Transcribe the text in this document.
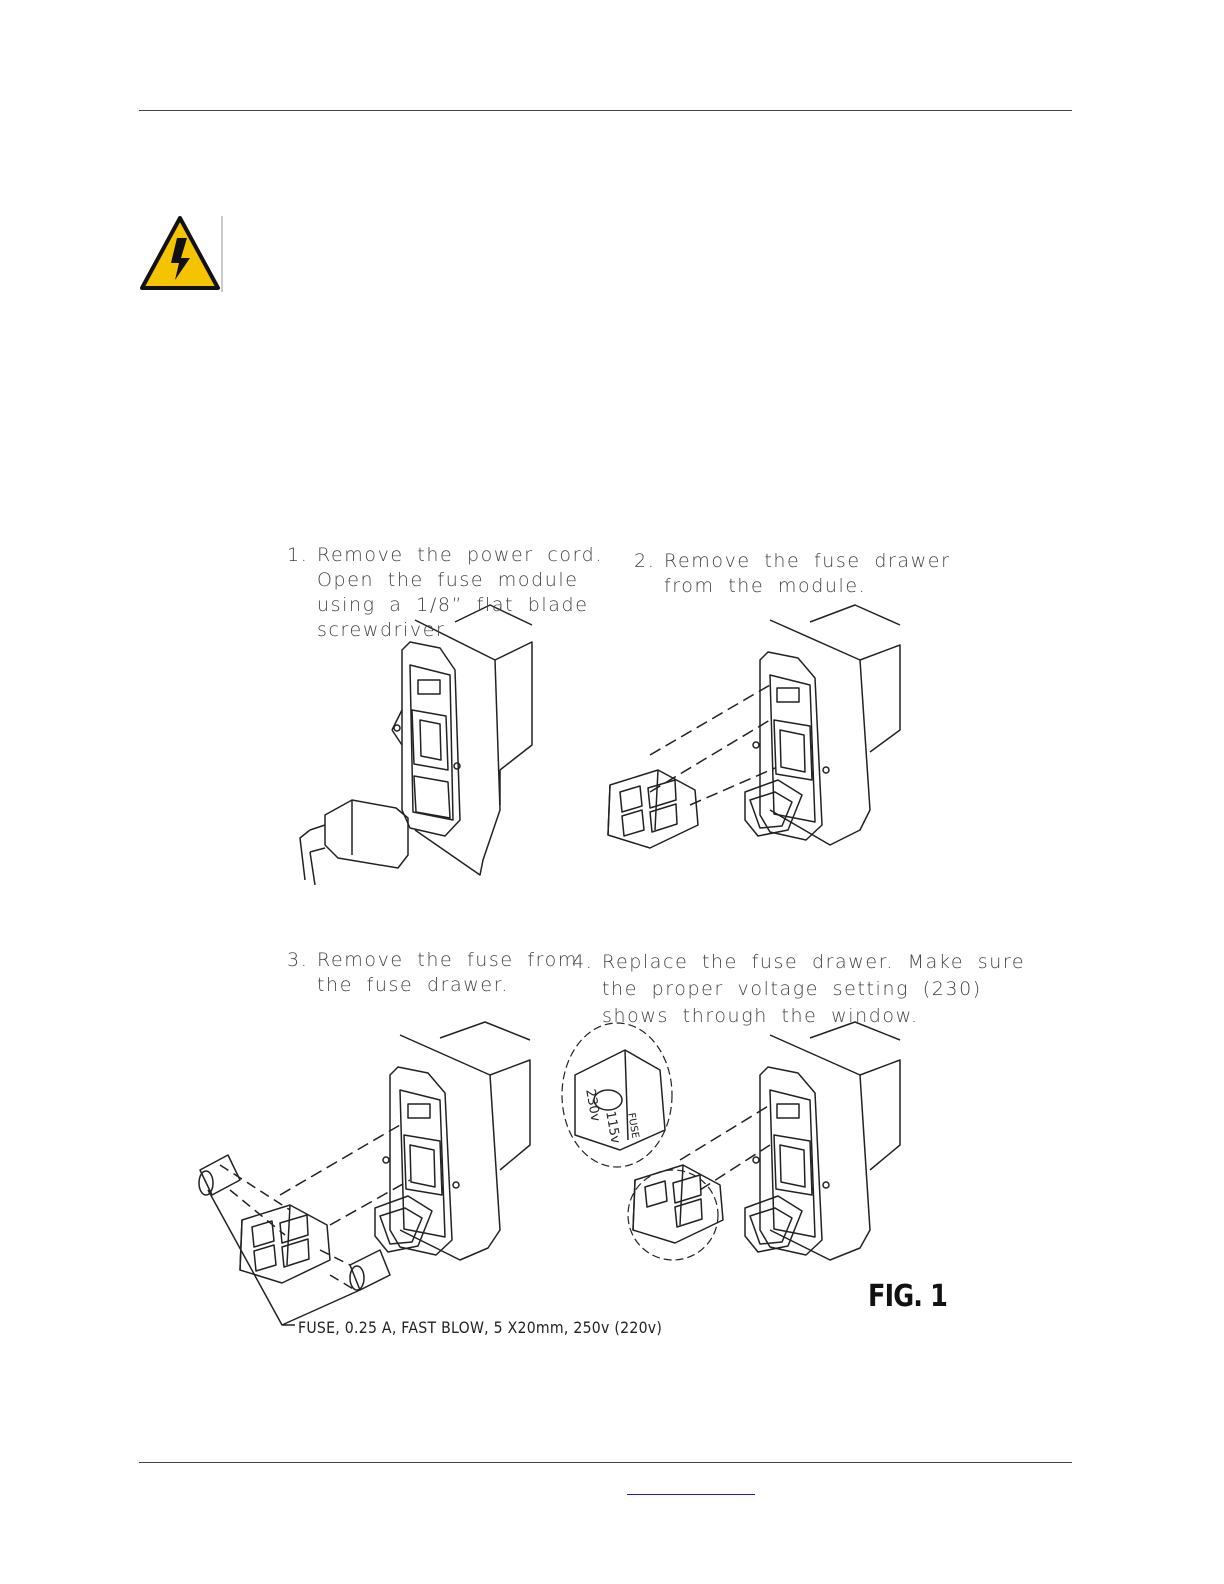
230v
115v FUSE
1. Remove the power cord.
Open the fuse module
using a 1/8” flat blade
screwdriver.
2. Remove the fuse drawer
from the module.
3. Remove the fuse from
the fuse drawer.
4. Replace the fuse drawer. Make sure
the proper voltage setting (230)
shows through the window.
FIG. 1
FUSE, 0.25 A, FAST BLOW, 5 X20mm, 250v (220v)
